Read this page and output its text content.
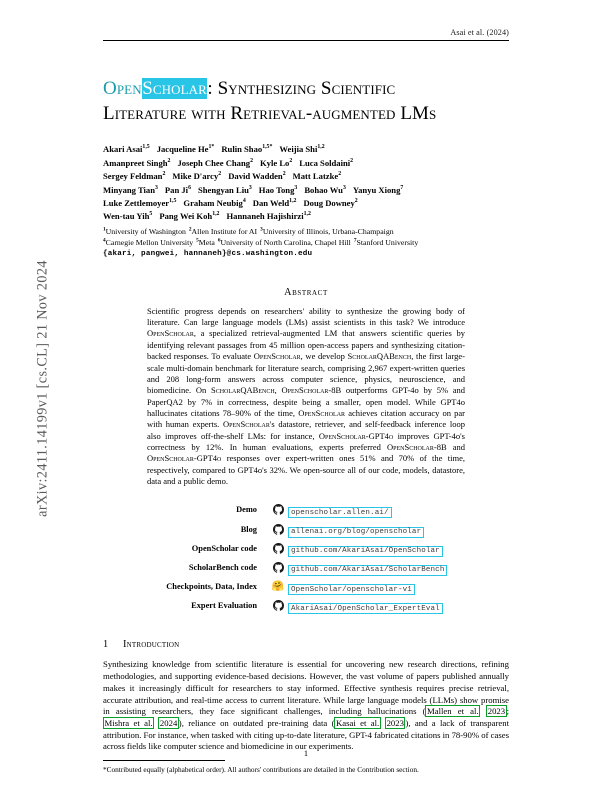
arXiv:2411.14199v1 [cs.CL] 21 Nov 2024
Asai et al. (2024)
OpenScholar: Synthesizing Scientific
Literature with Retrieval-augmented LMs
Akari Asai$^{1,5}$ Jacqueline $He^{1*}$ Rulin Shao$^{1,5*}$ Weijia Shi$^{1,2}$
Amanpreet Singh$^2$ Joseph Chee Chang$^2$ Kyle Lo$^2$ Luca Soldaini$^2$
Sergey Feldman$^2$ Mike D'arcy$^2$ David Wadden$^2$ Matt Latzke$^2$
Minyang Tian$^3$ Pan Ji$^6$ Shengyan Liu$^3$ Hao Tong$^3$ Bohao Wu$^3$ Yanyu Xiong$^7$
Luke Zettlemoyer$^{1,5}$ Graham Neubig$^4$ Dan Weld$^{1,2}$ Doug Downey$^2$
Wen-tau Yih$^5$ Pang Wei Koh$^{1,2}$ Hannaneh Hajishirzi$^{1,2}$
$^1$University of Washington $^2$Allen Institute for AI $^3$University of Illinois, Urbana-Champaign
$^4$Carnegie Mellon University $^5$Meta $^6$University of North Carolina, Chapel Hill $^7$Stanford University
{akari, pangwei, hannaneh}@cs.washington.edu
Abstract
Scientific progress depends on researchers' ability to synthesize the growing body of literature. Can large language models (LMs) assist scientists in this task? We introduce OpenScholar, a specialized retrieval-augmented LM that answers scientific queries by identifying relevant passages from 45 million open-access papers and synthesizing citation-backed responses. To evaluate OpenScholar, we develop ScholarQABench, the first large-scale multi-domain benchmark for literature search, comprising 2,967 expert-written queries and 208 long-form answers across computer science, physics, neuroscience, and biomedicine. On ScholarQABench, OpenScholar-8B outperforms GPT-4o by 5% and PaperQA2 by 7% in correctness, despite being a smaller, open model. While GPT4o hallucinates citations 78–90% of the time, OpenScholar achieves citation accuracy on par with human experts. OpenScholar's datastore, retriever, and self-feedback inference loop also improves off-the-shelf LMs: for instance, OpenScholar-GPT4o improves GPT-4o's correctness by 12%. In human evaluations, experts preferred OpenScholar-8B and OpenScholar-GPT4o responses over expert-written ones 51% and 70% of the time, respectively, compared to GPT4o's 32%. We open-source all of our code, models, datastore, data and a public demo.
Demo		openscholar.allen.ai/
Blog		allenai.org/blog/openscholar
OpenScholar code		github.com/AkariAsai/OpenScholar
ScholarBench code		github.com/AkariAsai/ScholarBench
Checkpoints, Data, Index	🤗	OpenScholar/openscholar-v1
Expert Evaluation		AkariAsai/OpenScholar_ExpertEval
1 Introduction
Synthesizing knowledge from scientific literature is essential for uncovering new research directions, refining methodologies, and supporting evidence-based decisions. However, the vast volume of papers published annually makes it increasingly difficult for researchers to stay informed. Effective synthesis requires precise retrieval, accurate attribution, and real-time access to current literature. While large language models (LLMs) show promise in assisting researchers, they face significant challenges, including hallucinations ( Mallen et al. 2023 ; Mishra et al. 2024 ), reliance on outdated pre-training data ( Kasai et al. 2023 ), and a lack of transparent attribution. For instance, when tasked with citing up-to-date literature, GPT-4 fabricated citations in 78-90% of cases across fields like computer science and biomedicine in our experiments.
*Contributed equally (alphabetical order). All authors' contributions are detailed in the Contribution section.
1
